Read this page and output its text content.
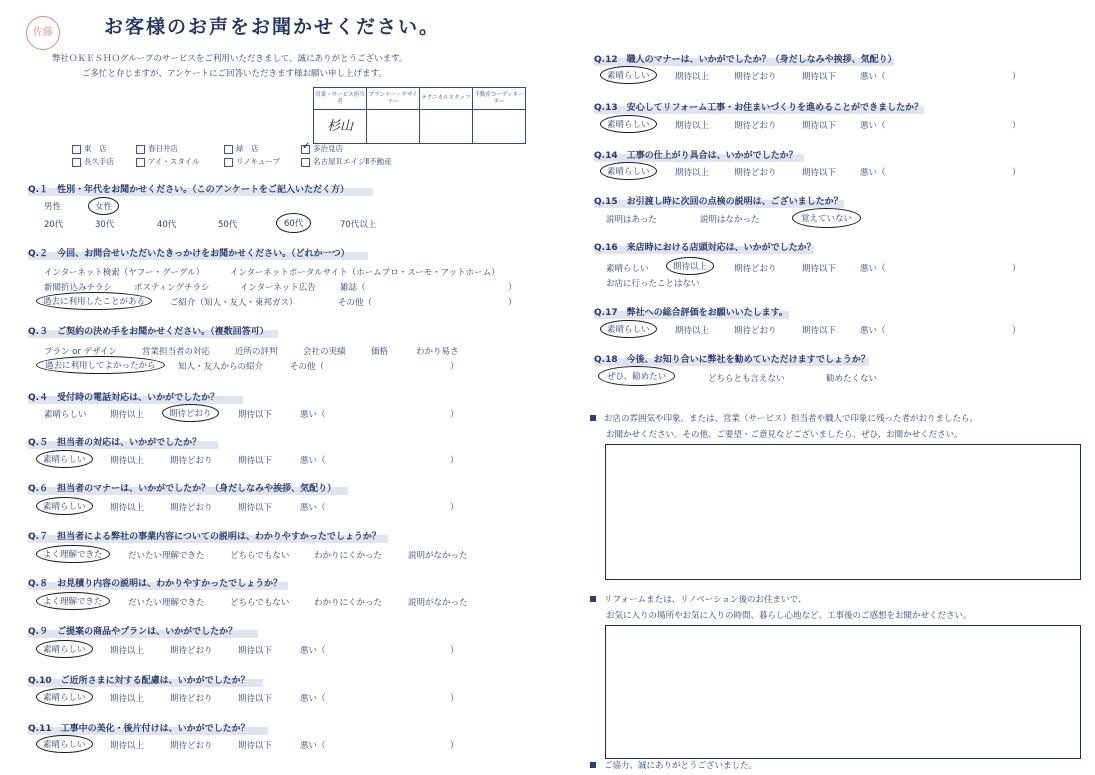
佐藤	お客様のお声をお聞かせください。
弊社ＯＫＥＳＨＯグループのサービスをご利用いただきまして、誠にありがとうございます。
ご多忙と存じますが、アンケートにご回答いただきます様お願い申し上げます。
営業・サービス担当者	プランナー・デザイナー	テクニカルスタッフ	不動産コーディネーター
杉山			
東　店	春日井店	緑　店	✓ 多治見店
長久手店	アイ・スタイル	リノキューブ	名古屋ＲエイジⅡ不動産
Q.１　性別・年代をお聞かせください。（このアンケートをご記入いただく方）
男性	女性
20代	30代	40代	50代	60代	70代以上
Q.２　今回、お問合せいただいたきっかけをお聞かせください。（どれか一つ）
インターネット検索（ヤフー・グーグル）	インターネットポータルサイト（ホームプロ・スーモ・アットホーム）
新聞折込みチラシ	ポスティングチラシ	インターネット広告	雑誌（	）
過去に利用したことがある	ご紹介（知人・友人・東邦ガス）	その他（	）
Q.３　ご契約の決め手をお聞かせください。（複数回答可）
プラン or デザイン	営業担当者の対応	近所の評判	会社の実績	価格	わかり易さ
過去に利用してよかったから	知人・友人からの紹介	その他（	）
Q.４　受付時の電話対応は、いかがでしたか？
素晴らしい	期待以上	期待どおり	期待以下	悪い（	）
Q.５　担当者の対応は、いかがでしたか？
素晴らしい	期待以上	期待どおり	期待以下	悪い（	）
Q.６　担当者のマナーは、いかがでしたか？（身だしなみや挨拶、気配り）
素晴らしい	期待以上	期待どおり	期待以下	悪い（	）
Q.７　担当者による弊社の事業内容についての説明は、わかりやすかったでしょうか？
よく理解できた	だいたい理解できた	どちらでもない	わかりにくかった	説明がなかった
Q.８　お見積り内容の説明は、わかりやすかったでしょうか？
よく理解できた	だいたい理解できた	どちらでもない	わかりにくかった	説明がなかった
Q.９　ご提案の商品やプランは、いかがでしたか？
素晴らしい	期待以上	期待どおり	期待以下	悪い（	）
Q.10　ご近所さまに対する配慮は、いかがでしたか？
素晴らしい	期待以上	期待どおり	期待以下	悪い（	）
Q.11　工事中の美化・後片付けは、いかがでしたか？
素晴らしい	期待以上	期待どおり	期待以下	悪い（	）
Q.12　職人のマナーは、いかがでしたか？（身だしなみや挨拶、気配り）
素晴らしい	期待以上	期待どおり	期待以下	悪い（	）
Q.13　安心してリフォーム工事・お住まいづくりを進めることができましたか？
素晴らしい	期待以上	期待どおり	期待以下	悪い（	）
Q.14　工事の仕上がり具合は、いかがでしたか？
素晴らしい	期待以上	期待どおり	期待以下	悪い（	）
Q.15　お引渡し時に次回の点検の説明は、ございましたか？
説明はあった	説明はなかった	覚えていない
Q.16　来店時における店頭対応は、いかがでしたか？
素晴らしい	期待以上	期待どおり	期待以下	悪い（	）
お店に行ったことはない
Q.17　弊社への総合評価をお願いいたします。
素晴らしい	期待以上	期待どおり	期待以下	悪い（	）
Q.18　今後、お知り合いに弊社を勧めていただけますでしょうか？
ぜひ、勧めたい	どちらとも言えない	勧めたくない
お店の雰囲気や印象。または、営業（サービス）担当者や職人で印象に残った者がおりましたら、
お聞かせください。その他、ご要望・ご意見などございましたら、ぜひ、お聞かせください。
リフォームまたは、リノベーション後のお住まいで、
お気に入りの場所やお気に入りの時間、暮らし心地など、工事後のご感想をお聞かせください。
ご協力、誠にありがとうございました。
